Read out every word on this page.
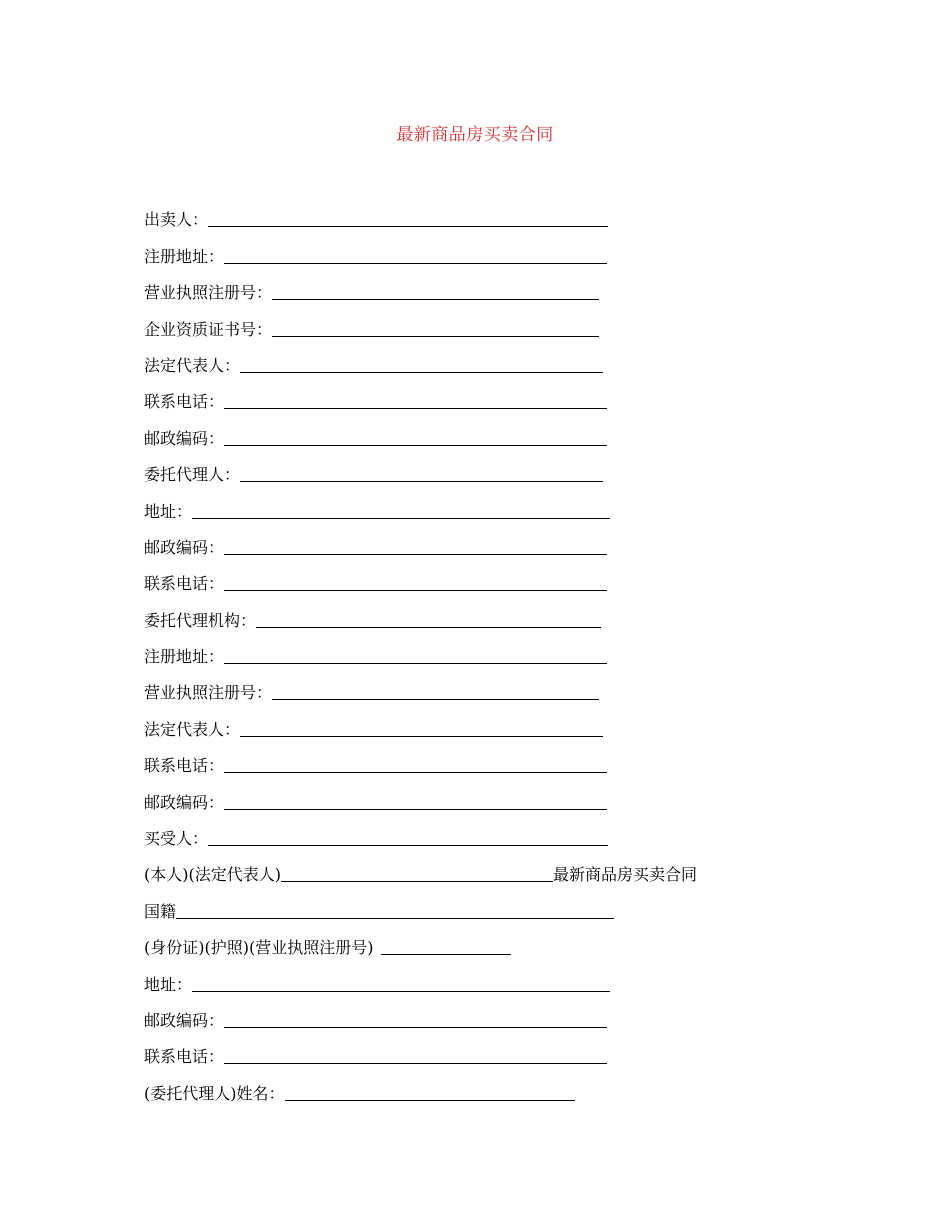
最新商品房买卖合同
出卖人：
注册地址：
营业执照注册号：
企业资质证书号：
法定代表人：
联系电话：
邮政编码：
委托代理人：
地址：
邮政编码：
联系电话：
委托代理机构：
注册地址：
营业执照注册号：
法定代表人：
联系电话：
邮政编码：
买受人：
(本人)(法定代表人)	最新商品房买卖合同
国籍
(身份证)(护照)(营业执照注册号)
地址：
邮政编码：
联系电话：
(委托代理人)姓名：
